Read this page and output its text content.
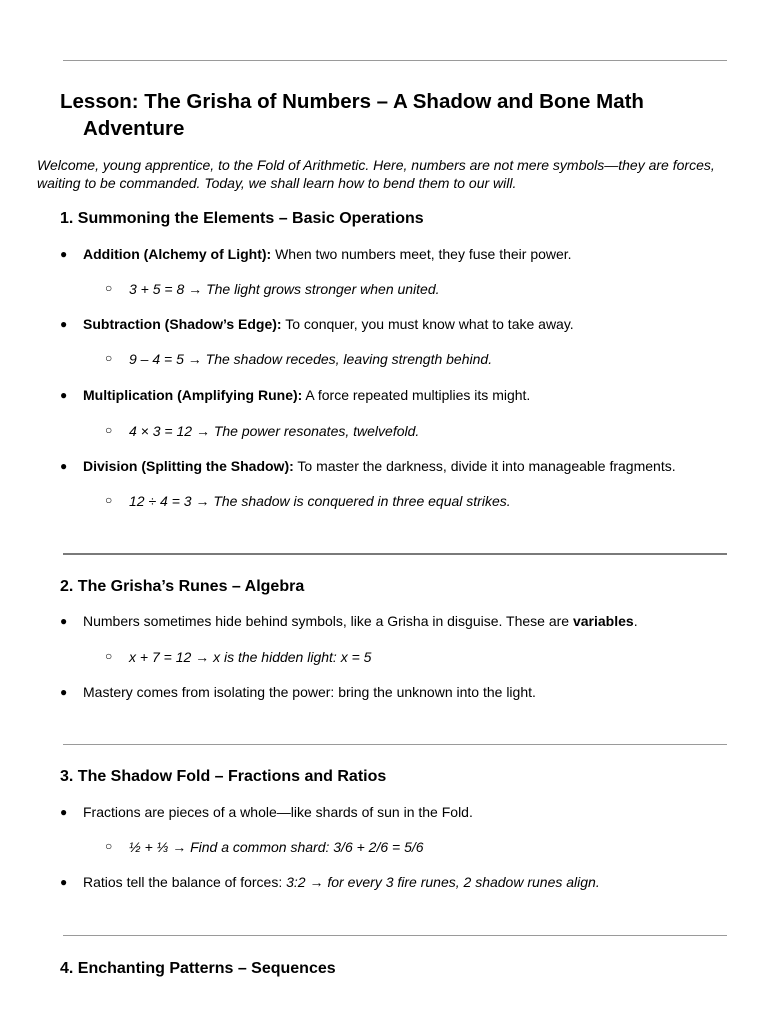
Lesson: The Grisha of Numbers – A Shadow and Bone Math Adventure

Welcome, young apprentice, to the Fold of Arithmetic. Here, numbers are not mere symbols—they are forces, waiting to be commanded. Today, we shall learn how to bend them to our will.

1. Summoning the Elements – Basic Operations
● Addition (Alchemy of Light): When two numbers meet, they fuse their power.
○ 3 + 5 = 8 → The light grows stronger when united.
● Subtraction (Shadow’s Edge): To conquer, you must know what to take away.
○ 9 – 4 = 5 → The shadow recedes, leaving strength behind.
● Multiplication (Amplifying Rune): A force repeated multiplies its might.
○ 4 × 3 = 12 → The power resonates, twelvefold.
● Division (Splitting the Shadow): To master the darkness, divide it into manageable fragments.
○ 12 ÷ 4 = 3 → The shadow is conquered in three equal strikes.
2. The Grisha’s Runes – Algebra
● Numbers sometimes hide behind symbols, like a Grisha in disguise. These are variables.
○ x + 7 = 12 → x is the hidden light: x = 5
● Mastery comes from isolating the power: bring the unknown into the light.
3. The Shadow Fold – Fractions and Ratios
● Fractions are pieces of a whole—like shards of sun in the Fold.
○ ½ + ⅓ → Find a common shard: 3/6 + 2/6 = 5/6
● Ratios tell the balance of forces: 3:2 → for every 3 fire runes, 2 shadow runes align.
4. Enchanting Patterns – Sequences
